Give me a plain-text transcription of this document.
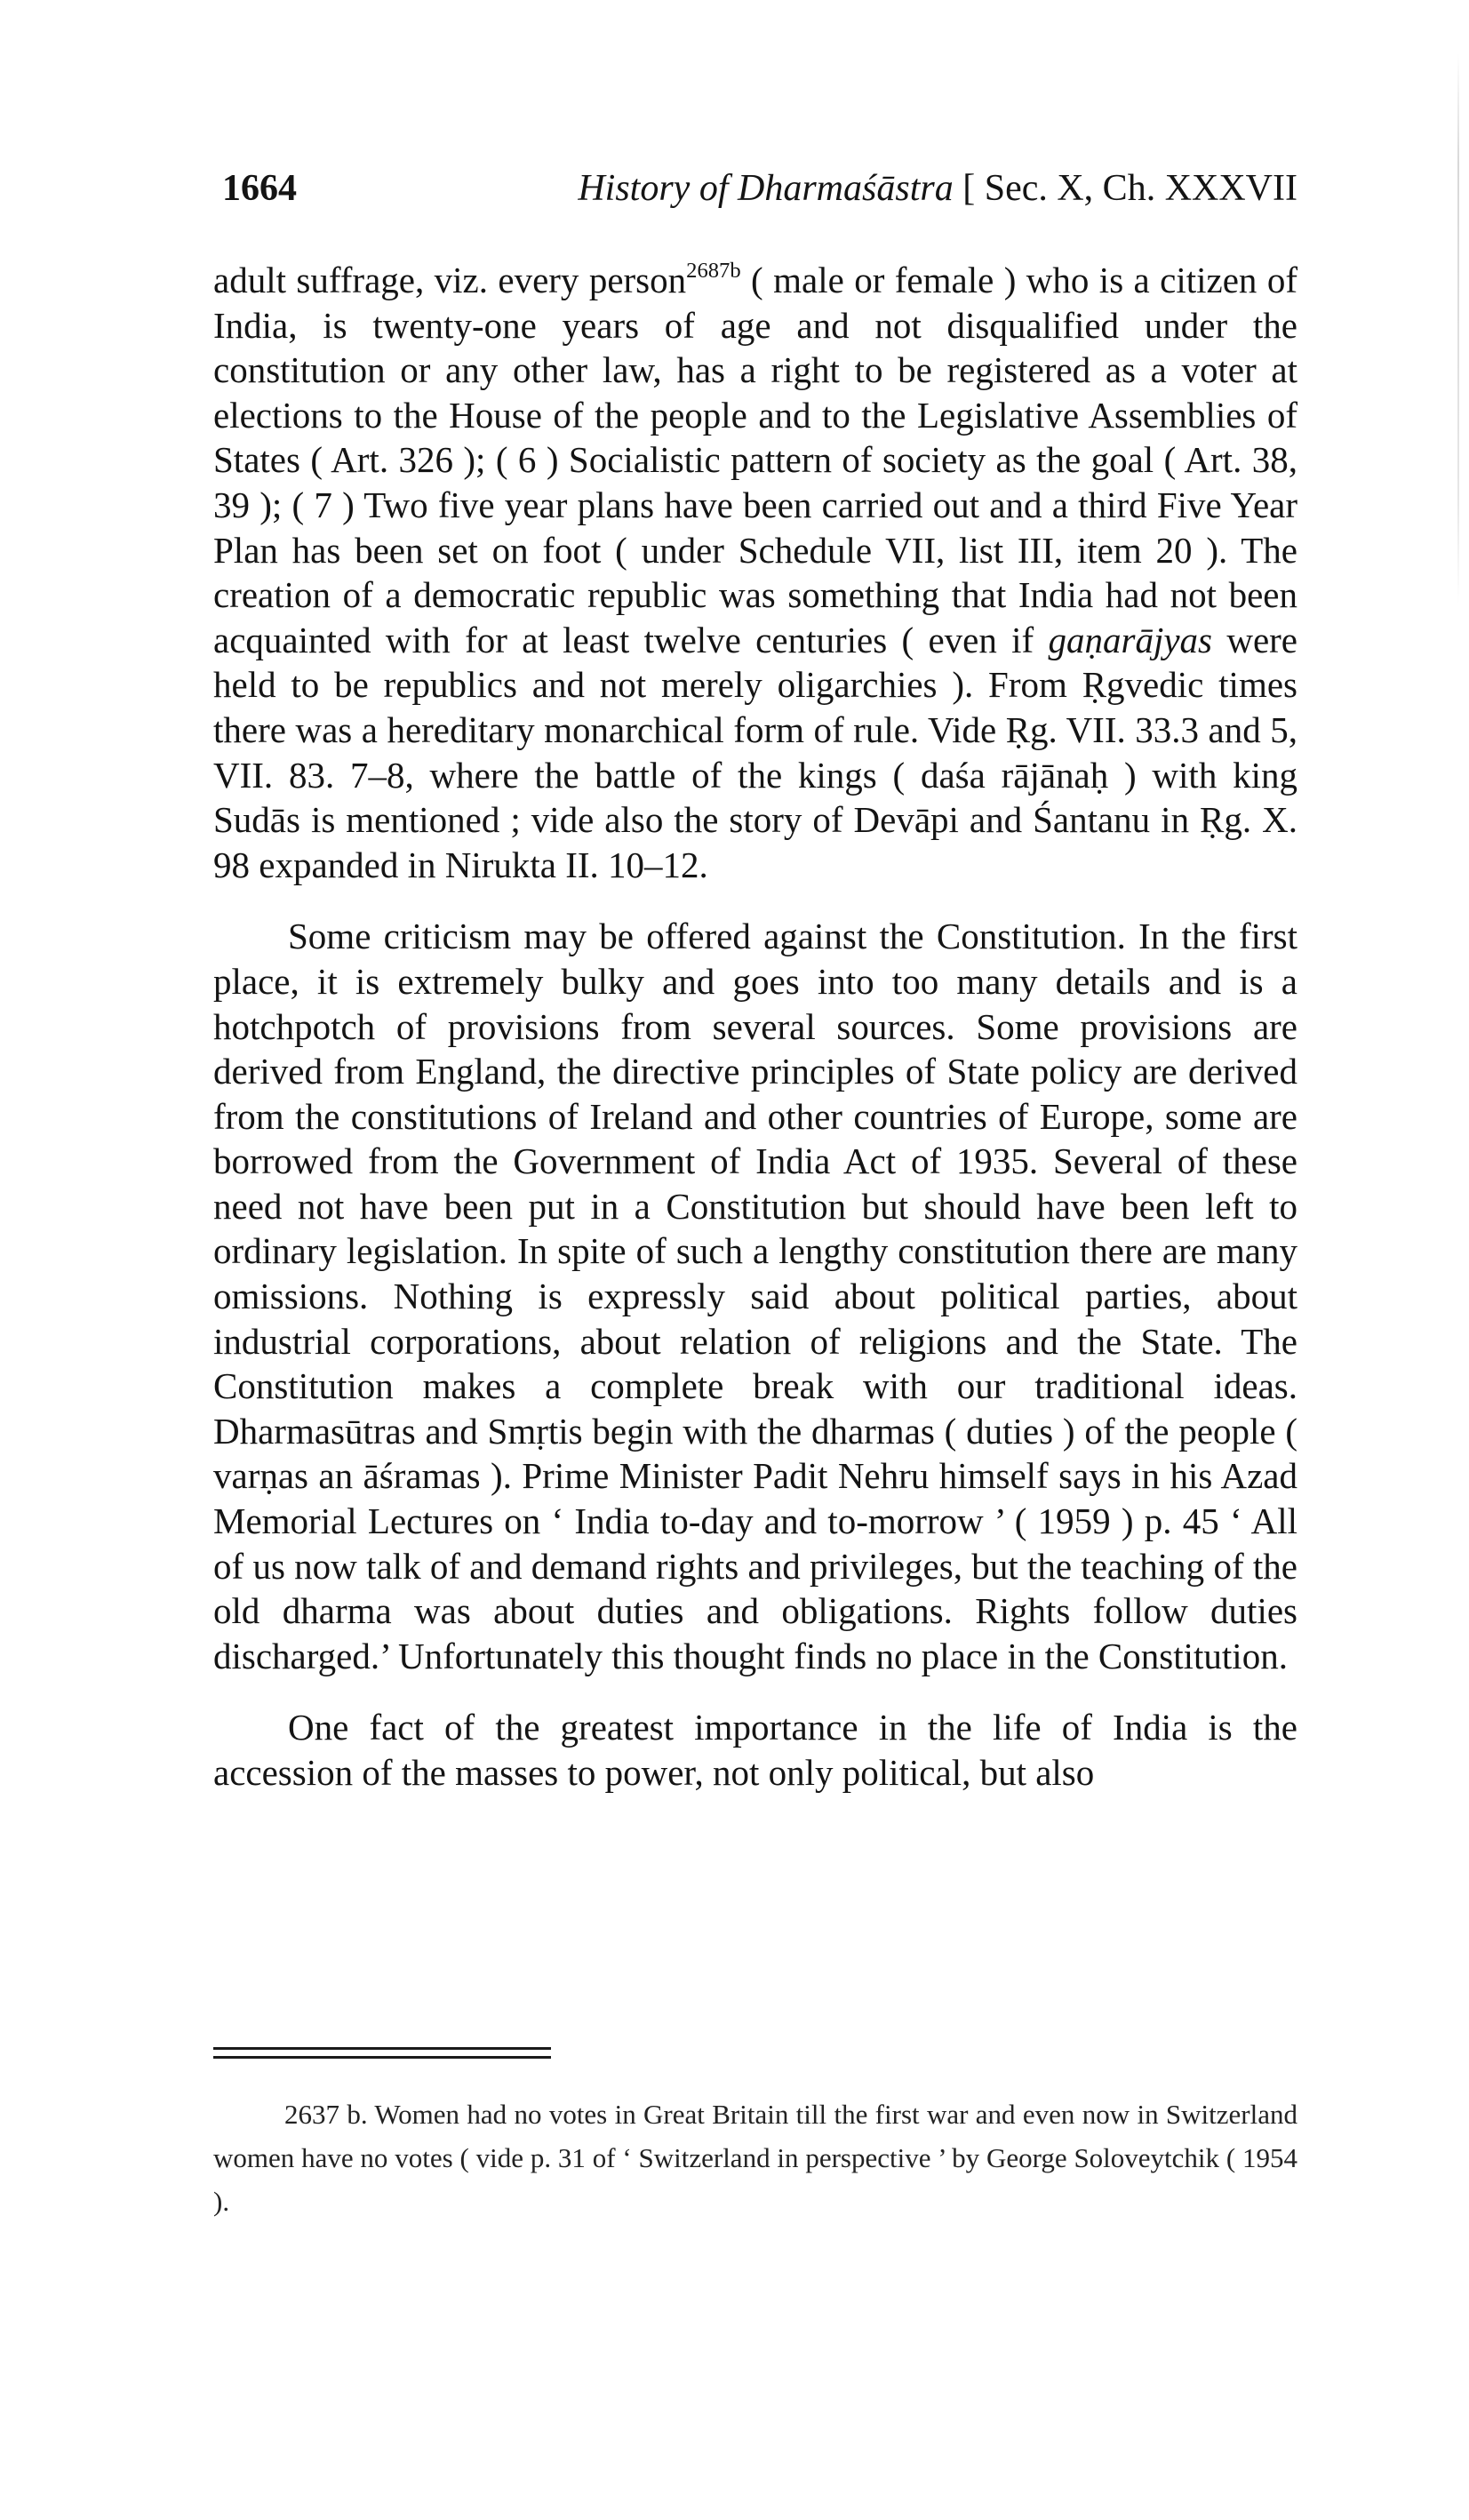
1664	History of Dharmaśāstra [ Sec. X, Ch. XXXVII

adult suffrage, viz. every person$^{2687b}$ ( male or female ) who is a citizen of India, is twenty-one years of age and not disqualified under the constitution or any other law, has a right to be registered as a voter at elections to the House of the people and to the Legislative Assemblies of States ( Art. 326 ); ( 6 ) Socialistic pattern of society as the goal ( Art. 38, 39 ); ( 7 ) Two five year plans have been carried out and a third Five Year Plan has been set on foot ( under Schedule VII, list III, item 20 ). The creation of a democratic republic was something that India had not been acquainted with for at least twelve centuries ( even if gaṇarājyas were held to be republics and not merely oligarchies ). From Ṛgvedic times there was a hereditary monarchical form of rule. Vide Ṛg. VII. 33.3 and 5, VII. 83. 7–8, where the battle of the kings ( daśa rājānaḥ ) with king Sudās is mentioned ; vide also the story of Devāpi and Śantanu in Ṛg. X. 98 expanded in Nirukta II. 10–12.

Some criticism may be offered against the Constitution. In the first place, it is extremely bulky and goes into too many details and is a hotchpotch of provisions from several sources. Some provisions are derived from England, the directive principles of State policy are derived from the constitutions of Ireland and other countries of Europe, some are borrowed from the Government of India Act of 1935. Several of these need not have been put in a Constitution but should have been left to ordinary legislation. In spite of such a lengthy constitution there are many omissions. Nothing is expressly said about political parties, about industrial corporations, about relation of religions and the State. The Constitution makes a complete break with our traditional ideas. Dharmasūtras and Smṛtis begin with the dharmas ( duties ) of the people ( varṇas an āśramas ). Prime Minister Padit Nehru himself says in his Azad Memorial Lectures on ‘ India to-day and to-morrow ’ ( 1959 ) p. 45 ‘ All of us now talk of and demand rights and privileges, but the teaching of the old dharma was about duties and obligations. Rights follow duties discharged.’ Unfortunately this thought finds no place in the Constitution.

One fact of the greatest importance in the life of India is the accession of the masses to power, not only political, but also

2637 b. Women had no votes in Great Britain till the first war and even now in Switzerland women have no votes ( vide p. 31 of ‘ Switzerland in perspective ’ by George Soloveytchik ( 1954 ).
